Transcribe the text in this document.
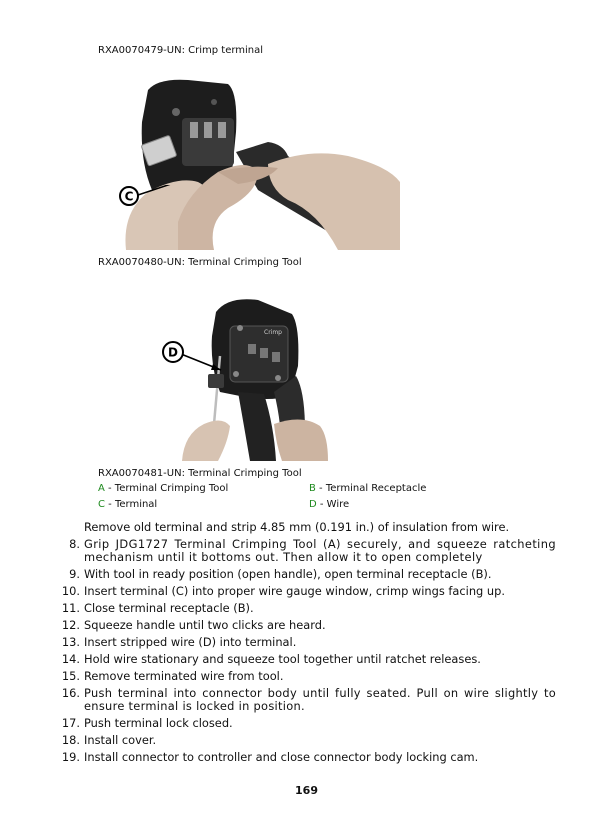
RXA0070479-UN: Crimp terminal
C
RXA0070480-UN: Terminal Crimping Tool
Crimp
D
RXA0070481-UN: Terminal Crimping Tool
A - Terminal Crimping Tool	B - Terminal Receptacle
C - Terminal	D - Wire
Remove old terminal and strip 4.85 mm (0.191 in.) of insulation from wire.
8. Grip JDG1727 Terminal Crimping Tool (A) securely, and squeeze ratcheting mechanism until it bottoms out. Then allow it to open completely
9. With tool in ready position (open handle), open terminal receptacle (B).
10. Insert terminal (C) into proper wire gauge window, crimp wings facing up.
11. Close terminal receptacle (B).
12. Squeeze handle until two clicks are heard.
13. Insert stripped wire (D) into terminal.
14. Hold wire stationary and squeeze tool together until ratchet releases.
15. Remove terminated wire from tool.
16. Push terminal into connector body until fully seated. Pull on wire slightly to ensure terminal is locked in position.
17. Push terminal lock closed.
18. Install cover.
19. Install connector to controller and close connector body locking cam.
169
